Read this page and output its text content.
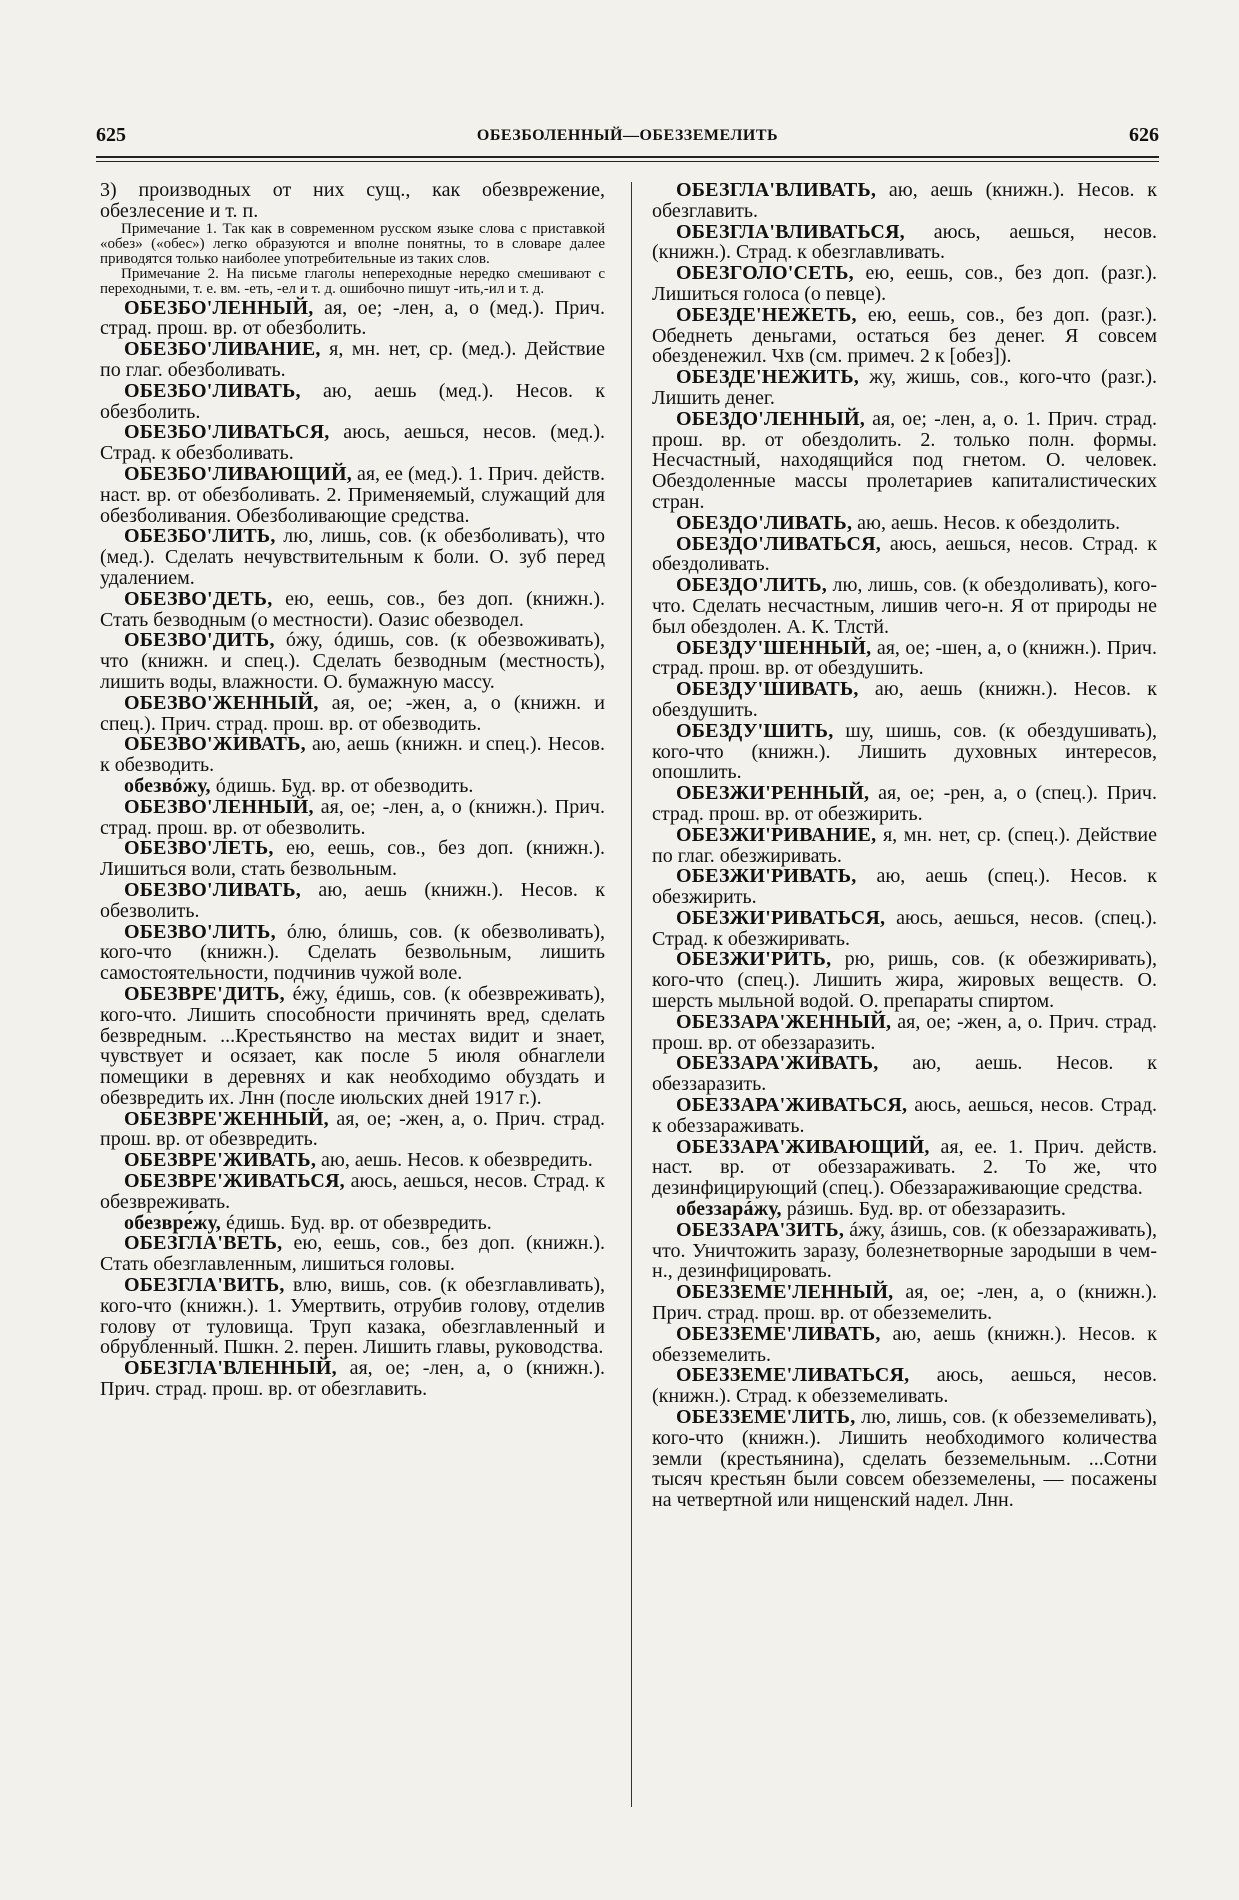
625	ОБЕЗБОЛЕННЫЙ—ОБЕЗЗЕМЕЛИТЬ	626

3) производных от них сущ., как обезврежение, обезлесение и т. п.

Примечание 1. Так как в современном русском языке слова с приставкой «обез» («обес») легко образуются и вполне понятны, то в словаре далее приводятся только наиболее употребительные из таких слов.

Примечание 2. На письме глаголы непереходные нередко смешивают с переходными, т. е. вм. -еть, -ел и т. д. ошибочно пишут -ить,-ил и т. д.

ОБЕЗБО'ЛЕННЫЙ, ая, ое; -лен, а, о (мед.). Прич. страд. прош. вр. от обезболить.

ОБЕЗБО'ЛИВАНИЕ, я, мн. нет, ср. (мед.). Действие по глаг. обезболивать.

ОБЕЗБО'ЛИВАТЬ, аю, аешь (мед.). Несов. к обезболить.

ОБЕЗБО'ЛИВАТЬСЯ, аюсь, аешься, несов. (мед.). Страд. к обезболивать.

ОБЕЗБО'ЛИВАЮЩИЙ, ая, ее (мед.). 1. Прич. действ. наст. вр. от обезболивать. 2. Применяемый, служащий для обезболивания. Обезболивающие средства.

ОБЕЗБО'ЛИТЬ, лю, лишь, сов. (к обезболивать), что (мед.). Сделать нечувствительным к боли. О. зуб перед удалением.

ОБЕЗВО'ДЕТЬ, ею, еешь, сов., без доп. (книжн.). Стать безводным (о местности). Оазис обезводел.

ОБЕЗВО'ДИТЬ, óжу, óдишь, сов. (к обезвоживать), что (книжн. и спец.). Сделать безводным (местность), лишить воды, влажности. О. бумажную массу.

ОБЕЗВО'ЖЕННЫЙ, ая, ое; -жен, а, о (книжн. и спец.). Прич. страд. прош. вр. от обезводить.

ОБЕЗВО'ЖИВАТЬ, аю, аешь (книжн. и спец.). Несов. к обезводить.

обезвóжу, óдишь. Буд. вр. от обезводить.

ОБЕЗВО'ЛЕННЫЙ, ая, ое; -лен, а, о (книжн.). Прич. страд. прош. вр. от обезволить.

ОБЕЗВО'ЛЕТЬ, ею, еешь, сов., без доп. (книжн.). Лишиться воли, стать безвольным.

ОБЕЗВО'ЛИВАТЬ, аю, аешь (книжн.). Несов. к обезволить.

ОБЕЗВО'ЛИТЬ, óлю, óлишь, сов. (к обезволивать), кого-что (книжн.). Сделать безвольным, лишить самостоятельности, подчинив чужой воле.

ОБЕЗВРЕ'ДИТЬ, éжу, éдишь, сов. (к обезвреживать), кого-что. Лишить способности причинять вред, сделать безвредным. ...Крестьянство на местах видит и знает, чувствует и осязает, как после 5 июля обнаглели помещики в деревнях и как необходимо обуздать и обезвредить их. Лнн (после июльских дней 1917 г.).

ОБЕЗВРЕ'ЖЕННЫЙ, ая, ое; -жен, а, о. Прич. страд. прош. вр. от обезвредить.

ОБЕЗВРЕ'ЖИВАТЬ, аю, аешь. Несов. к обезвредить.

ОБЕЗВРЕ'ЖИВАТЬСЯ, аюсь, аешься, несов. Страд. к обезвреживать.

обезвре́жу, éдишь. Буд. вр. от обезвредить.

ОБЕЗГЛА'ВЕТЬ, ею, еешь, сов., без доп. (книжн.). Стать обезглавленным, лишиться головы.

ОБЕЗГЛА'ВИТЬ, влю, вишь, сов. (к обезглавливать), кого-что (книжн.). 1. Умертвить, отрубив голову, отделив голову от туловища. Труп казака, обезглавленный и обрубленный. Пшкн. 2. перен. Лишить главы, руководства.

ОБЕЗГЛА'ВЛЕННЫЙ, ая, ое; -лен, а, о (книжн.). Прич. страд. прош. вр. от обезглавить.

ОБЕЗГЛА'ВЛИВАТЬ, аю, аешь (книжн.). Несов. к обезглавить.

ОБЕЗГЛА'ВЛИВАТЬСЯ, аюсь, аешься, несов. (книжн.). Страд. к обезглавливать.

ОБЕЗГОЛО'СЕТЬ, ею, еешь, сов., без доп. (разг.). Лишиться голоса (о певце).

ОБЕЗДЕ'НЕЖЕТЬ, ею, еешь, сов., без доп. (разг.). Обеднеть деньгами, остаться без денег. Я совсем обезденежил. Чхв (см. примеч. 2 к [обез]).

ОБЕЗДЕ'НЕЖИТЬ, жу, жишь, сов., кого-что (разг.). Лишить денег.

ОБЕЗДО'ЛЕННЫЙ, ая, ое; -лен, а, о. 1. Прич. страд. прош. вр. от обездолить. 2. только полн. формы. Несчастный, находящийся под гнетом. О. человек. Обездоленные массы пролетариев капиталистических стран.

ОБЕЗДО'ЛИВАТЬ, аю, аешь. Несов. к обездолить.

ОБЕЗДО'ЛИВАТЬСЯ, аюсь, аешься, несов. Страд. к обездоливать.

ОБЕЗДО'ЛИТЬ, лю, лишь, сов. (к обездоливать), кого-что. Сделать несчастным, лишив чего-н. Я от природы не был обездолен. А. К. Тлстй.

ОБЕЗДУ'ШЕННЫЙ, ая, ое; -шен, а, о (книжн.). Прич. страд. прош. вр. от обездушить.

ОБЕЗДУ'ШИВАТЬ, аю, аешь (книжн.). Несов. к обездушить.

ОБЕЗДУ'ШИТЬ, шу, шишь, сов. (к обездушивать), кого-что (книжн.). Лишить духовных интересов, опошлить.

ОБЕЗЖИ'РЕННЫЙ, ая, ое; -рен, а, о (спец.). Прич. страд. прош. вр. от обезжирить.

ОБЕЗЖИ'РИВАНИЕ, я, мн. нет, ср. (спец.). Действие по глаг. обезжиривать.

ОБЕЗЖИ'РИВАТЬ, аю, аешь (спец.). Несов. к обезжирить.

ОБЕЗЖИ'РИВАТЬСЯ, аюсь, аешься, несов. (спец.). Страд. к обезжиривать.

ОБЕЗЖИ'РИТЬ, рю, ришь, сов. (к обезжиривать), кого-что (спец.). Лишить жира, жировых веществ. О. шерсть мыльной водой. О. препараты спиртом.

ОБЕЗЗАРА'ЖЕННЫЙ, ая, ое; -жен, а, о. Прич. страд. прош. вр. от обеззаразить.

ОБЕЗЗАРА'ЖИВАТЬ, аю, аешь. Несов. к обеззаразить.

ОБЕЗЗАРА'ЖИВАТЬСЯ, аюсь, аешься, несов. Страд. к обеззараживать.

ОБЕЗЗАРА'ЖИВАЮЩИЙ, ая, ее. 1. Прич. действ. наст. вр. от обеззараживать. 2. То же, что дезинфицирующий (спец.). Обеззараживающие средства.

обеззарáжу, рáзишь. Буд. вр. от обеззаразить.

ОБЕЗЗАРА'ЗИТЬ, áжу, áзишь, сов. (к обеззараживать), что. Уничтожить заразу, болезнетворные зародыши в чем-н., дезинфицировать.

ОБЕЗЗЕМЕ'ЛЕННЫЙ, ая, ое; -лен, а, о (книжн.). Прич. страд. прош. вр. от обезземелить.

ОБЕЗЗЕМЕ'ЛИВАТЬ, аю, аешь (книжн.). Несов. к обезземелить.

ОБЕЗЗЕМЕ'ЛИВАТЬСЯ, аюсь, аешься, несов. (книжн.). Страд. к обезземеливать.

ОБЕЗЗЕМЕ'ЛИТЬ, лю, лишь, сов. (к обезземеливать), кого-что (книжн.). Лишить необходимого количества земли (крестьянина), сделать безземельным. ...Сотни тысяч крестьян были совсем обезземелены, — посажены на четвертной или нищенский надел. Лнн.
